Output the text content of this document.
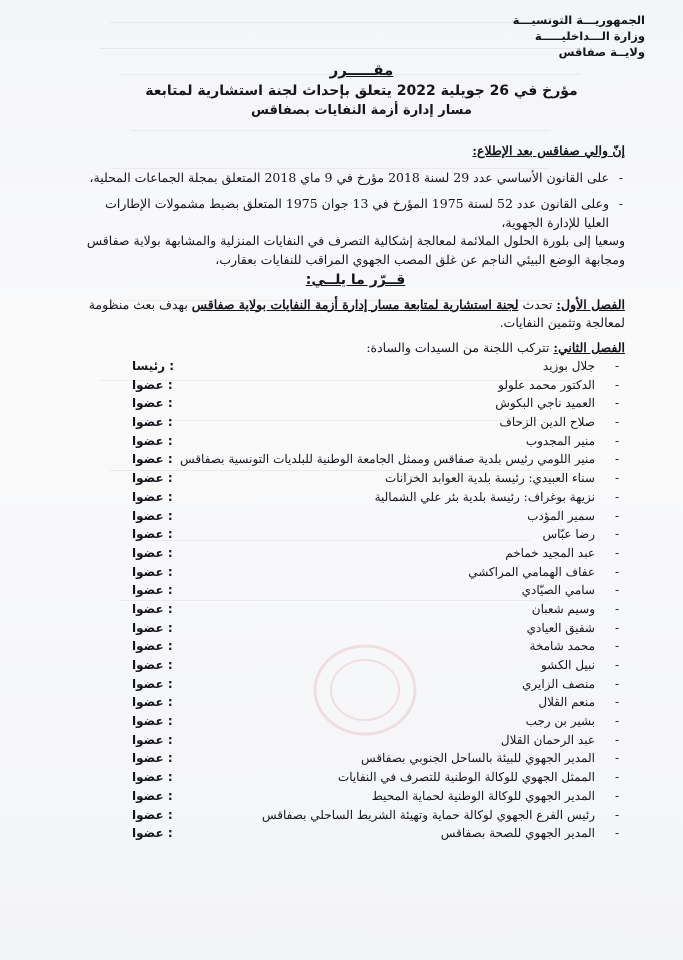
الجمهوريـــة التونسيـــة
وزارة الـــداخليـــــة
ولايــة صفاقس
مقـــــرر
مؤرخ في 26 جويلية 2022 يتعلق بإحداث لجنة استشارية لمتابعة
مسار إدارة أزمة النفايات بصفاقس

إنّ والي صفاقس بعد الإطلاع:

- على القانون الأساسي عدد 29 لسنة 2018 مؤرخ في 9 ماي 2018 المتعلق بمجلة الجماعات المحلية،

- وعلى القانون عدد 52 لسنة 1975 المؤرخ في 13 جوان 1975 المتعلق بضبط مشمولات الإطارات العليا للإدارة الجهوية،

وسعيا إلى بلورة الحلول الملائمة لمعالجة إشكالية التصرف في النفايات المنزلية والمشابهة بولاية صفاقس ومجابهة الوضع البيئي الناجم عن غلق المصب الجهوي المراقب للنفايات بعقارب،

قــرّر ما يلــي:

الفصل الأول: تحدث لجنة استشارية لمتابعة مسار إدارة أزمة النفايات بولاية صفاقس بهدف بعث منظومة لمعالجة وتثمين النفايات.

الفصل الثاني: تتركب اللجنة من السيدات والسادة:

- جلال بوزيد
: رئيسا
- الدكتور محمد علولو
: عضوا
- العميد ناجي البكوش
: عضوا
- صلاح الدين الزحاف
: عضوا
- منير المجدوب
: عضوا
- منير اللومي رئيس بلدية صفاقس وممثل الجامعة الوطنية للبلديات التونسية بصفاقس
: عضوا
- سناء العبيدي: رئيسة بلدية العوابد الخزانات
: عضوا
- نزيهة بوغراف: رئيسة بلدية بئر علي الشمالية
: عضوا
- سمير المؤدب
: عضوا
- رضا عبّاس
: عضوا
- عبد المجيد خماخم
: عضوا
- عفاف الهمامي المراكشي
: عضوا
- سامي الصيّادي
: عضوا
- وسيم شعبان
: عضوا
- شفيق العيادي
: عضوا
- محمد شامخة
: عضوا
- نبيل الكشو
: عضوا
- منصف الزايري
: عضوا
- منعم القلال
: عضوا
- بشير بن رجب
: عضوا
- عبد الرحمان القلال
: عضوا
- المدير الجهوي للبيئة بالساحل الجنوبي بصفاقس
: عضوا
- الممثل الجهوي للوكالة الوطنية للتصرف في النفايات
: عضوا
- المدير الجهوي للوكالة الوطنية لحماية المحيط
: عضوا
- رئيس الفرع الجهوي لوكالة حماية وتهيئة الشريط الساحلي بصفاقس
: عضوا
- المدير الجهوي للصحة بصفاقس
: عضوا
